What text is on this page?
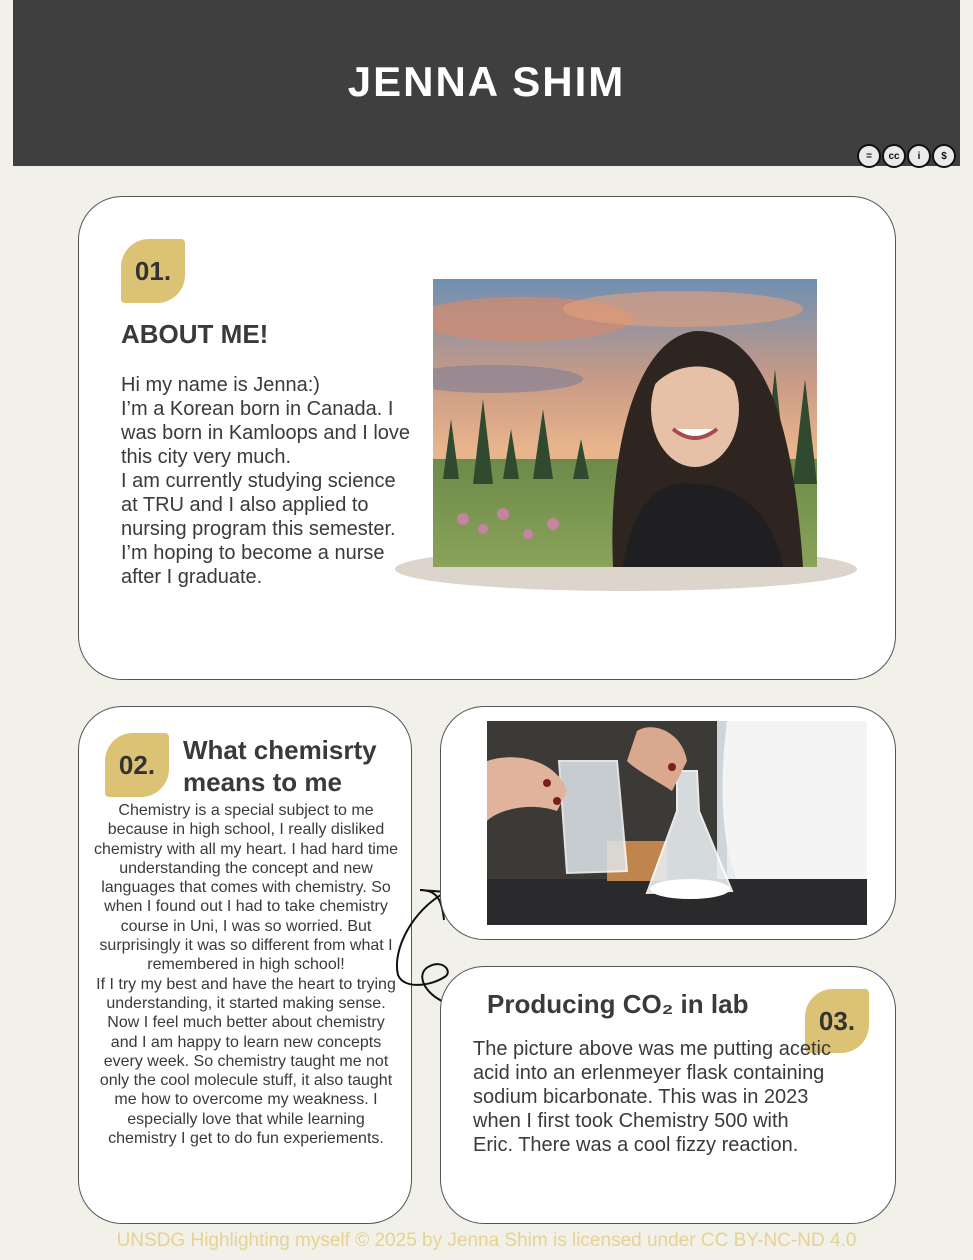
JENNA SHIM
=	cc	i	$
01.
ABOUT ME!
Hi my name is Jenna:)
I’m a Korean born in Canada. I was born in Kamloops and I love this city very much.
I am currently studying science at TRU and I also applied to nursing program this semester. I’m hoping to become a nurse after I graduate.
02.	What chemisrty
means to me
Chemistry is a special subject to me because in high school, I really disliked chemistry with all my heart. I had hard time understanding the concept and new languages that comes with chemistry. So when I found out I had to take chemistry course in Uni, I was so worried. But surprisingly it was so different from what I remembered in high school!
If I try my best and have the heart to trying understanding, it started making sense. Now I feel much better about chemistry and I am happy to learn new concepts every week. So chemistry taught me not only the cool molecule stuff, it also taught me how to overcome my weakness. I especially love that while learning chemistry I get to do fun experiements.
Producing CO₂ in lab
03.
The picture above was me putting acetic acid into an erlenmeyer flask containing sodium bicarbonate. This was in 2023 when I first took Chemistry 500 with Eric. There was a cool fizzy reaction.
UNSDG Highlighting myself © 2025 by Jenna Shim is licensed under CC BY-NC-ND 4.0
